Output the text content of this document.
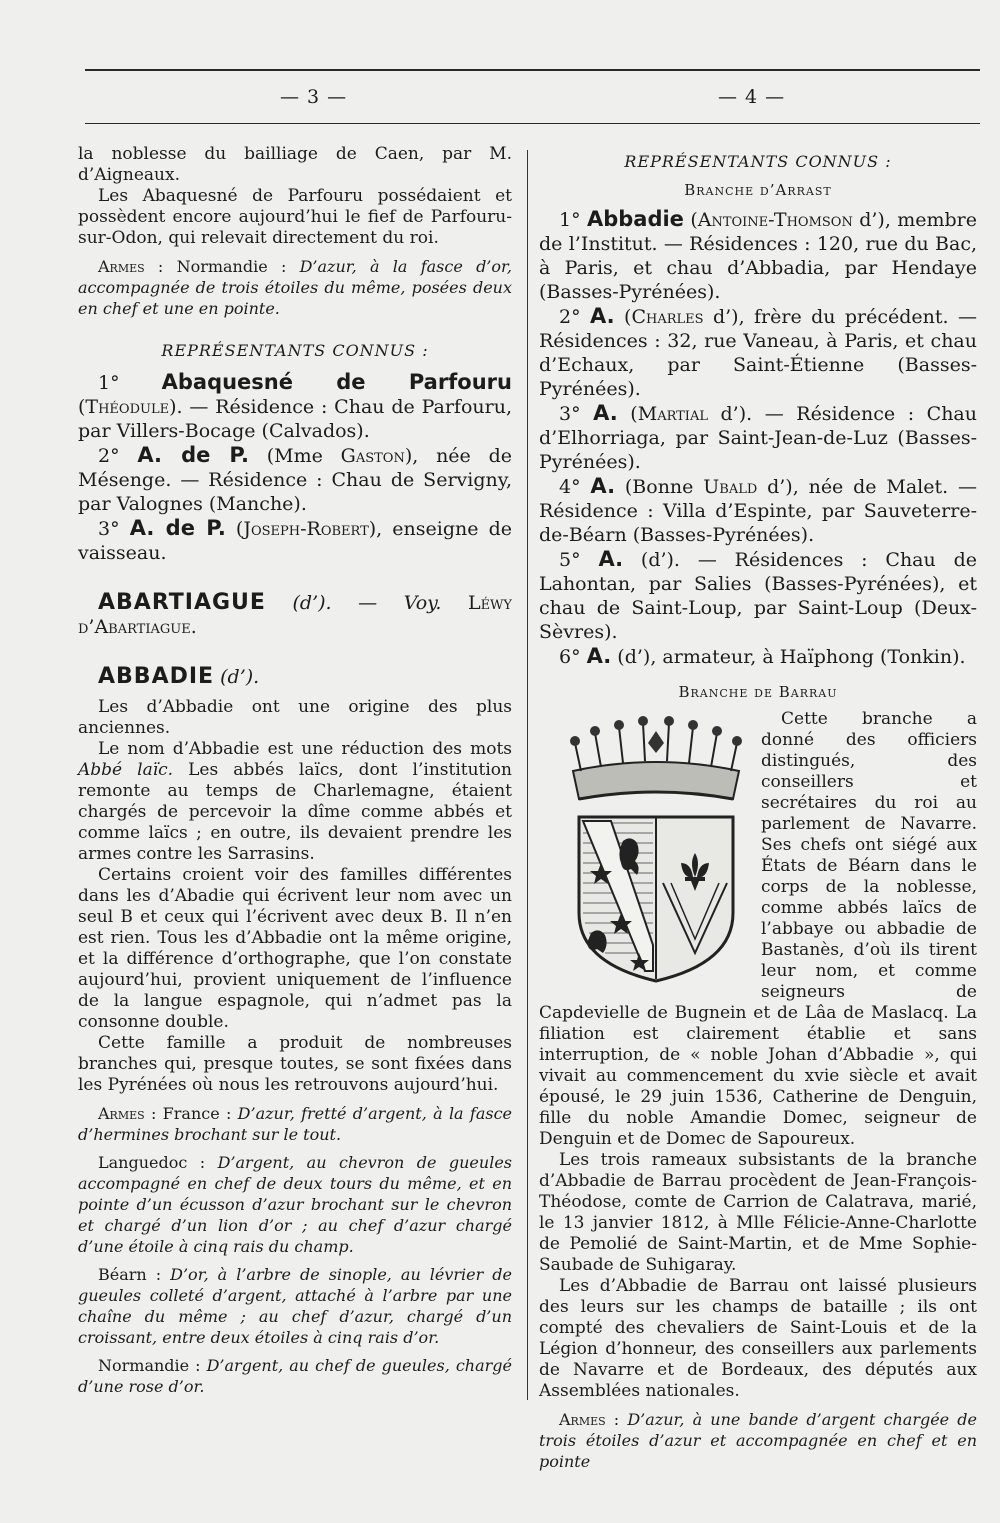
— 3 —	— 4 —

la noblesse du bailliage de Caen, par M. d’Aigneaux.

Les Abaquesné de Parfouru possédaient et possèdent encore aujourd’hui le fief de Parfouru-sur-Odon, qui relevait directement du roi.

Armes : Normandie : D’azur, à la fasce d’or, accompagnée de trois étoiles du même, posées deux en chef et une en pointe.

REPRÉSENTANTS CONNUS :

1° Abaquesné de Parfouru (Théodule). — Résidence : Chau de Parfouru, par Villers-Bocage (Calvados).

2° A. de P. (Mme Gaston), née de Mésenge. — Résidence : Chau de Servigny, par Valognes (Manche).

3° A. de P. (Joseph-Robert), enseigne de vaisseau.

ABARTIAGUE (d’). — Voy. Léwy d’Abartiague.

ABBADIE (d’).

Les d’Abbadie ont une origine des plus anciennes.

Le nom d’Abbadie est une réduction des mots Abbé laïc. Les abbés laïcs, dont l’institution remonte au temps de Charlemagne, étaient chargés de percevoir la dîme comme abbés et comme laïcs ; en outre, ils devaient prendre les armes contre les Sarrasins.

Certains croient voir des familles différentes dans les d’Abadie qui écrivent leur nom avec un seul B et ceux qui l’écrivent avec deux B. Il n’en est rien. Tous les d’Abbadie ont la même origine, et la différence d’orthographe, que l’on constate aujourd’hui, provient uniquement de l’influence de la langue espagnole, qui n’admet pas la consonne double.

Cette famille a produit de nombreuses branches qui, presque toutes, se sont fixées dans les Pyrénées où nous les retrouvons aujourd’hui.

Armes : France : D’azur, fretté d’argent, à la fasce d’hermines brochant sur le tout.

Languedoc : D’argent, au chevron de gueules accompagné en chef de deux tours du même, et en pointe d’un écusson d’azur brochant sur le chevron et chargé d’un lion d’or ; au chef d’azur chargé d’une étoile à cinq rais du champ.

Béarn : D’or, à l’arbre de sinople, au lévrier de gueules colleté d’argent, attaché à l’arbre par une chaîne du même ; au chef d’azur, chargé d’un croissant, entre deux étoiles à cinq rais d’or.

Normandie : D’argent, au chef de gueules, chargé d’une rose d’or.

REPRÉSENTANTS CONNUS :
Branche d’Arrast

1° Abbadie (Antoine-Thomson d’), membre de l’Institut. — Résidences : 120, rue du Bac, à Paris, et chau d’Abbadia, par Hendaye (Basses-Pyrénées).

2° A. (Charles d’), frère du précédent. — Résidences : 32, rue Vaneau, à Paris, et chau d’Echaux, par Saint-Étienne (Basses-Pyrénées).

3° A. (Martial d’). — Résidence : Chau d’Elhorriaga, par Saint-Jean-de-Luz (Basses-Pyrénées).

4° A. (Bonne Ubald d’), née de Malet. — Résidence : Villa d’Espinte, par Sauveterre-de-Béarn (Basses-Pyrénées).

5° A. (d’). — Résidences : Chau de Lahontan, par Salies (Basses-Pyrénées), et chau de Saint-Loup, par Saint-Loup (Deux-Sèvres).

6° A. (d’), armateur, à Haïphong (Tonkin).

Branche de Barrau

Cette branche a donné des officiers distingués, des conseillers et secrétaires du roi au parlement de Navarre. Ses chefs ont siégé aux États de Béarn dans le corps de la noblesse, comme abbés laïcs de l’abbaye ou abbadie de Bastanès, d’où ils tirent leur nom, et comme seigneurs de Capdevielle de Bugnein et de Lâa de Maslacq. La filiation est clairement établie et sans interruption, de « noble Johan d’Abbadie », qui vivait au commencement du xvie siècle et avait épousé, le 29 juin 1536, Catherine de Denguin, fille du noble Amandie Domec, seigneur de Denguin et de Domec de Sapoureux.

Les trois rameaux subsistants de la branche d’Abbadie de Barrau procèdent de Jean-François-Théodose, comte de Carrion de Calatrava, marié, le 13 janvier 1812, à Mlle Félicie-Anne-Charlotte de Pemolié de Saint-Martin, et de Mme Sophie-Saubade de Suhigaray.

Les d’Abbadie de Barrau ont laissé plusieurs des leurs sur les champs de bataille ; ils ont compté des chevaliers de Saint-Louis et de la Légion d’honneur, des conseillers aux parlements de Navarre et de Bordeaux, des députés aux Assemblées nationales.

Armes : D’azur, à une bande d’argent chargée de trois étoiles d’azur et accompagnée en chef et en pointe
